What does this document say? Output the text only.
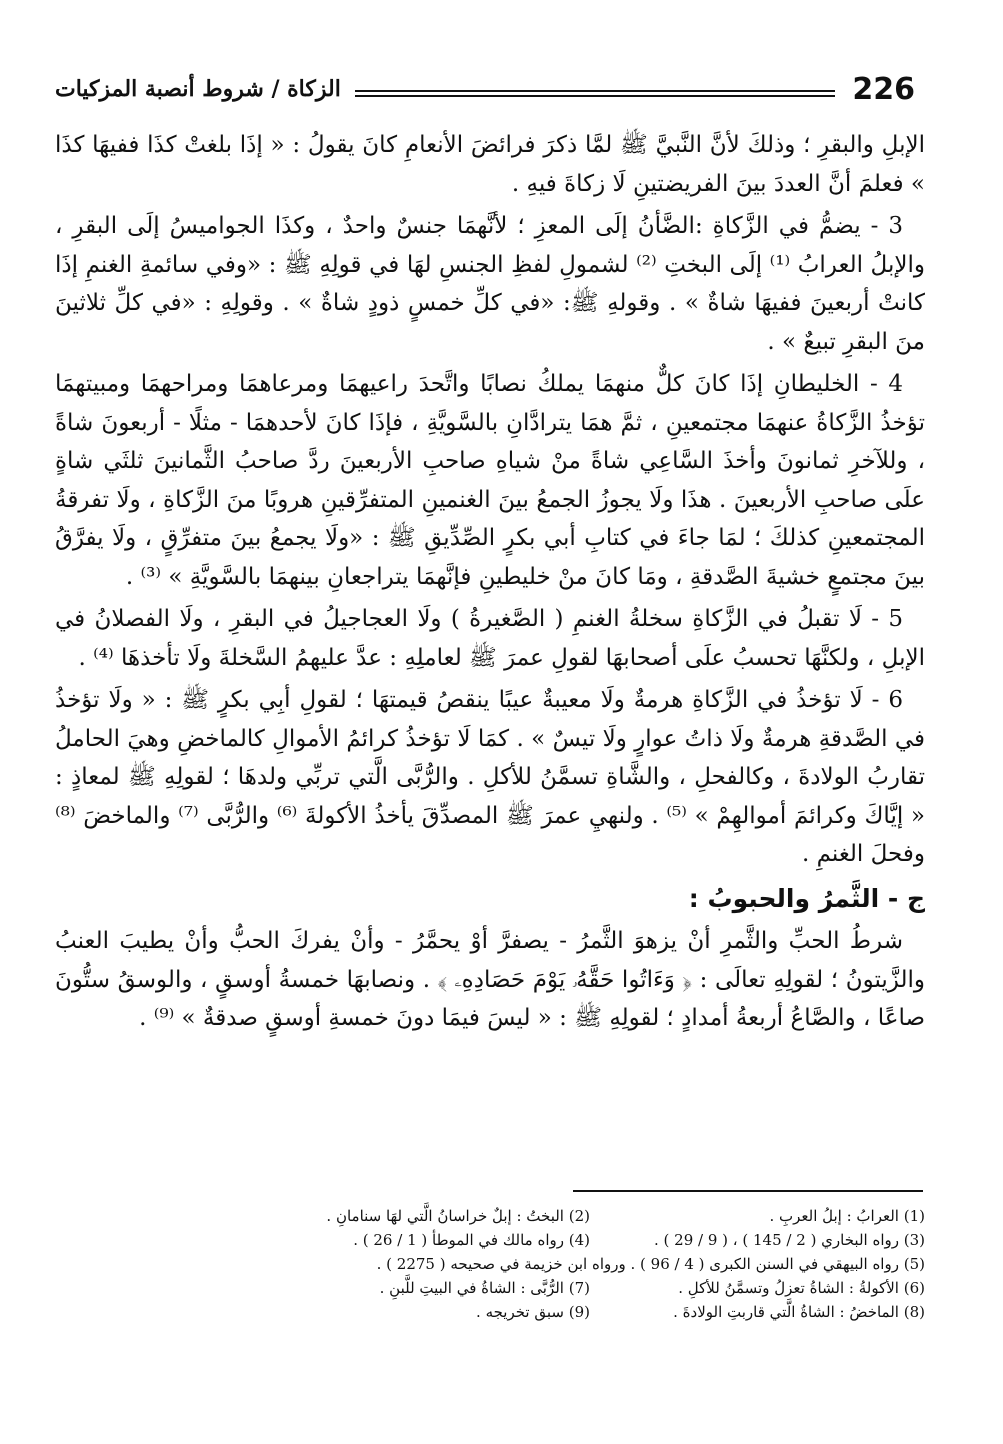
226
الزكاة / شروط أنصبة المزكيات

الإبلِ والبقرِ ؛ وذلكَ لأنَّ النَّبيَّ ﷺ لمَّا ذكرَ فرائضَ الأنعامِ كانَ يقولُ : « إذَا بلغتْ كذَا ففيهَا كذَا » فعلمَ أنَّ العددَ بينَ الفريضتينِ لَا زكاةَ فيهِ .

3 - يضمُّ في الزَّكاةِ :الضَّأنُ إلَى المعزِ ؛ لأنَّهمَا جنسٌ واحدٌ ، وكذَا الجواميسُ إلَى البقرِ ، والإبلُ العرابُ ⁽¹⁾ إلَى البختِ ⁽²⁾ لشمولِ لفظِ الجنسِ لهَا في قولِهِ ﷺ : «وفي سائمةِ الغنمِ إذَا كانتْ أربعينَ ففيهَا شاةٌ » . وقولهِ ﷺ: «في كلِّ خمسٍ ذودٍ شاةٌ » . وقولِهِ : «في كلِّ ثلاثينَ منَ البقرِ تبيعٌ » .

4 - الخليطانِ إذَا كانَ كلٌّ منهمَا يملكُ نصابًا واتَّحدَ راعيهمَا ومرعاهمَا ومراحهمَا ومبيتهمَا تؤخذُ الزَّكاةُ عنهمَا مجتمعينِ ، ثمَّ همَا يترادَّانِ بالسَّويَّةِ ، فإذَا كانَ لأحدهمَا - مثلًا - أربعونَ شاةً ، وللآخرِ ثمانونَ وأخذَ السَّاعِي شاةً منْ شياهِ صاحبِ الأربعينَ ردَّ صاحبُ الثَّمانينَ ثلثَي شاةٍ علَى صاحبِ الأربعينَ . هذَا ولَا يجوزُ الجمعُ بينَ الغنمينِ المتفرِّقينِ هروبًا منَ الزَّكاةِ ، ولَا تفرقةُ المجتمعينِ كذلكَ ؛ لمَا جاءَ في كتابِ أبي بكرٍ الصِّدِّيقِ ﷺ : «ولَا يجمعُ بينَ متفرِّقٍ ، ولَا يفرَّقُ بينَ مجتمعٍ خشيةَ الصَّدقةِ ، ومَا كانَ منْ خليطينِ فإنَّهمَا يتراجعانِ بينهمَا بالسَّويَّةِ » ⁽³⁾ .

5 - لَا تقبلُ في الزَّكاةِ سخلةُ الغنمِ ( الصَّغيرةُ ) ولَا العجاجيلُ في البقرِ ، ولَا الفصلانُ في الإبلِ ، ولكنَّهَا تحسبُ علَى أصحابهَا لقولِ عمرَ ﷺ لعاملِهِ : عدَّ عليهمُ السَّخلةَ ولَا تأخذهَا ⁽⁴⁾ .

6 - لَا تؤخذُ في الزَّكاةِ هرمةٌ ولَا معيبةٌ عيبًا ينقصُ قيمتهَا ؛ لقولِ أبِي بكرٍ ﷺ : « ولَا تؤخذُ في الصَّدقةِ هرمةٌ ولَا ذاتُ عوارٍ ولَا تيسٌ » . كمَا لَا تؤخذُ كرائمُ الأموالِ كالماخضِ وهيَ الحاملُ تقاربُ الولادةَ ، وكالفحلِ ، والشَّاةِ تسمَّنُ للأكلِ . والرُّبَّى الَّتي تربِّي ولدهَا ؛ لقولِهِ ﷺ لمعاذٍ : « إيَّاكَ وكرائمَ أموالهِمْ » ⁽⁵⁾ . ولنهيِ عمرَ ﷺ المصدِّقَ يأخذُ الأكولةَ ⁽⁶⁾ والرُّبَّى ⁽⁷⁾ والماخضَ ⁽⁸⁾ وفحلَ الغنمِ .

ج - الثَّمرُ والحبوبُ :

شرطُ الحبِّ والثَّمرِ أنْ يزهوَ الثَّمرُ - يصفرَّ أوْ يحمَّرُ - وأنْ يفركَ الحبُّ وأنْ يطيبَ العنبُ والزَّيتونُ ؛ لقولِهِ تعالَى : ﴿ وَءَاتُوا حَقَّهُۥ يَوْمَ حَصَادِهِۦ ﴾ . ونصابهَا خمسةُ أوسقٍ ، والوسقُ ستُّونَ صاعًا ، والصَّاعُ أربعةُ أمدادٍ ؛ لقولِهِ ﷺ : « ليسَ فيمَا دونَ خمسةِ أوسقٍ صدقةٌ » ⁽⁹⁾ .

(1) العرابُ : إبلُ العربِ .
(2) البختُ : إبلٌ خراسانُ الَّتي لهَا سنامانِ .
(3) رواه البخاري ( 2 / 145 ) ، ( 9 / 29 ) .
(4) رواه مالك في الموطأ ( 1 / 26 ) .
(5) رواه البيهقي في السنن الكبرى ( 4 / 96 ) . ورواه ابن خزيمة في صحيحه ( 2275 ) .
(6) الأكولةُ : الشاةُ تعزلُ وتسمَّنُ للأكلِ .
(7) الرُّبَّى : الشاةُ في البيتِ للَّبنِ .
(8) الماخضُ : الشاةُ الَّتي قاربتِ الولادةَ .
(9) سبق تخريجه .
